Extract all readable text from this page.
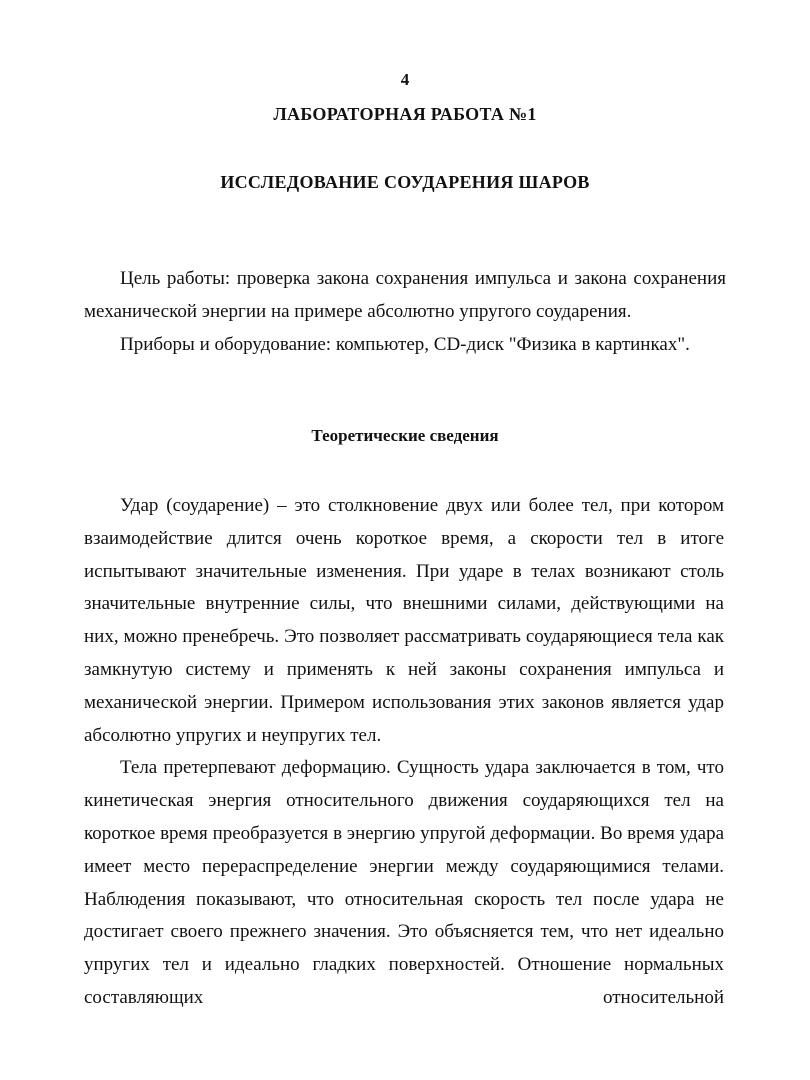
4
ЛАБОРАТОРНАЯ РАБОТА №1
ИССЛЕДОВАНИЕ СОУДАРЕНИЯ ШАРОВ

Цель работы: проверка закона сохранения импульса и закона сохранения механической энергии на примере абсолютно упругого соударения.

Приборы и оборудование: компьютер, CD-диск "Физика в картинках".

Теоретические сведения

Удар (соударение) – это столкновение двух или более тел, при котором взаимодействие длится очень короткое время, а скорости тел в итоге испытывают значительные изменения. При ударе в телах возникают столь значительные внутренние силы, что внешними силами, действующими на них, можно пренебречь. Это позволяет рассматривать соударяющиеся тела как замкнутую систему и применять к ней законы сохранения импульса и механической энергии. Примером использования этих законов является удар абсолютно упругих и неупругих тел.

Тела претерпевают деформацию. Сущность удара заключается в том, что кинетическая энергия относительного движения соударяющихся тел на короткое время преобразуется в энергию упругой деформации. Во время удара имеет место перераспределение энергии между соударяющимися телами. Наблюдения показывают, что относительная скорость тел после удара не достигает своего прежнего значения. Это объясняется тем, что нет идеально упругих тел и идеально гладких поверхностей. Отношение нормальных составляющих относительной
